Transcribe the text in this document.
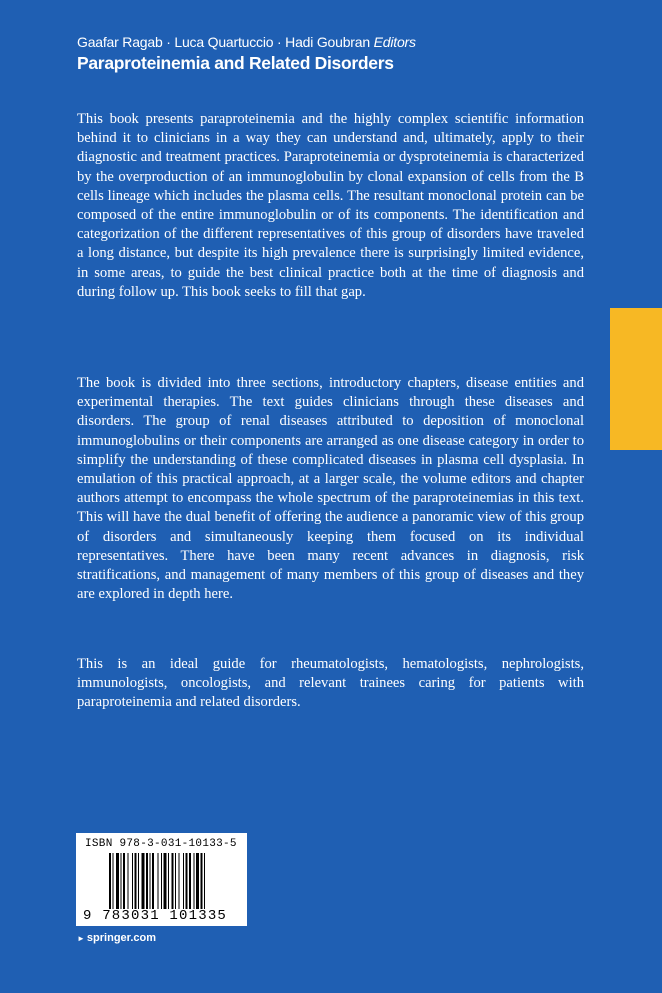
Gaafar Ragab · Luca Quartuccio · Hadi Goubran Editors
Paraproteinemia and Related Disorders

This book presents paraproteinemia and the highly complex scientific information behind it to clinicians in a way they can understand and, ultimately, apply to their diagnostic and treatment practices. Paraproteinemia or dysproteinemia is characterized by the overproduction of an immunoglobulin by clonal expansion of cells from the B cells lineage which includes the plasma cells. The resultant monoclonal protein can be composed of the entire immunoglobulin or of its components. The identification and categorization of the different representatives of this group of disorders have traveled a long distance, but despite its high prevalence there is surprisingly limited evidence, in some areas, to guide the best clinical practice both at the time of diagnosis and during follow up. This book seeks to fill that gap.

The book is divided into three sections, introductory chapters, disease entities and experimental therapies. The text guides clinicians through these diseases and disorders. The group of renal diseases attributed to deposition of monoclonal immunoglobulins or their components are arranged as one disease category in order to simplify the understanding of these complicated diseases in plasma cell dysplasia. In emulation of this practical approach, at a larger scale, the volume editors and chapter authors attempt to encompass the whole spectrum of the paraproteinemias in this text. This will have the dual benefit of offering the audience a panoramic view of this group of disorders and simultaneously keeping them focused on its individual representatives. There have been many recent advances in diagnosis, risk stratifications, and management of many members of this group of diseases and they are explored in depth here.

This is an ideal guide for rheumatologists, hematologists, nephrologists, immunologists, oncologists, and relevant trainees caring for patients with paraproteinemia and related disorders.

ISBN 978-3-031-10133-5
9 783031 101335
► springer.com
